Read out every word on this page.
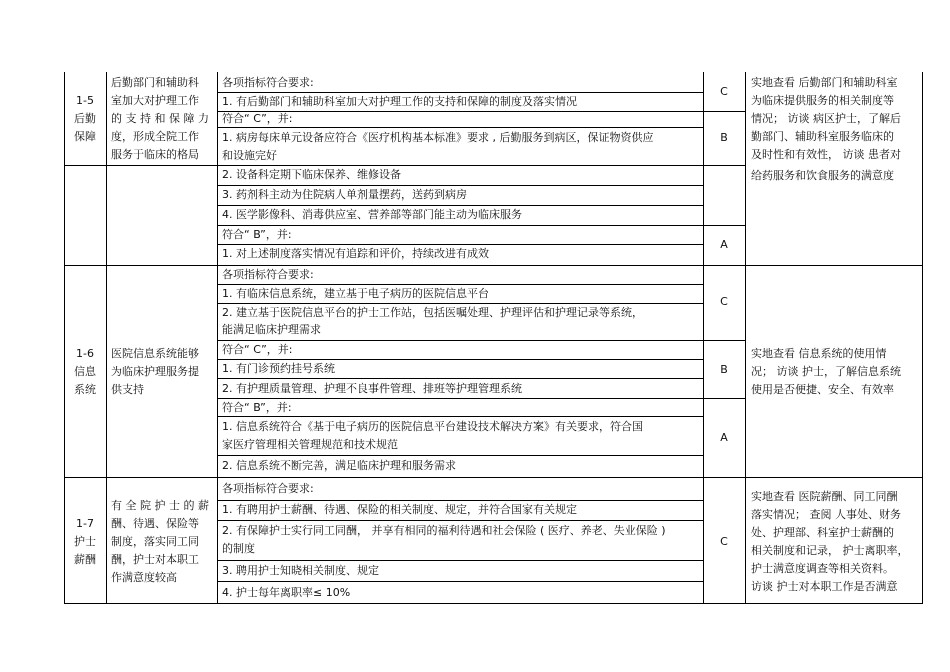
1-5
后勤
保障
后勤部门和辅助科
室加大对护理工作
的 支 持 和 保 障 力
度，形成全院工作
服务于临床的格局
各项指标符合要求:
1. 有后勤部门和辅助科室加大对护理工作的支持和保障的制度及落实情况
符合“ C”，并:
1. 病房每床单元设备应符合《医疗机构基本标准》要求 , 后勤服务到病区，保证物资供应
和设施完好
2. 设备科定期下临床保养、维修设备
3. 药剂科主动为住院病人单剂量摆药，送药到病房
4. 医学影像科、消毒供应室、营养部等部门能主动为临床服务
符合“ B”，并:
1. 对上述制度落实情况有追踪和评价，持续改进有成效
C
B
A
实地查看 后勤部门和辅助科室
为临床提供服务的相关制度等
情况； 访谈 病区护士，了解后
勤部门、辅助科室服务临床的
及时性和有效性， 访谈 患者对
给药服务和饮食服务的满意度
1-6
信息
系统
医院信息系统能够
为临床护理服务提
供支持
各项指标符合要求:
1. 有临床信息系统，建立基于电子病历的医院信息平台
2. 建立基于医院信息平台的护士工作站，包括医嘱处理、护理评估和护理记录等系统，
能满足临床护理需求
符合“ C”，并:
1. 有门诊预约挂号系统
2. 有护理质量管理、护理不良事件管理、排班等护理管理系统
符合“ B”，并:
1. 信息系统符合《基于电子病历的医院信息平台建设技术解决方案》有关要求，符合国
家医疗管理相关管理规范和技术规范
2. 信息系统不断完善，满足临床护理和服务需求
C
B
A
实地查看 信息系统的使用情
况； 访谈 护士，了解信息系统
使用是否便捷、安全、有效率
1-7
护士
薪酬
有 全 院 护 士 的 薪
酬、待遇、保险等
制度，落实同工同
酬，护士对本职工
作满意度较高
各项指标符合要求:
1. 有聘用护士薪酬、待遇、保险的相关制度、规定，并符合国家有关规定
2. 有保障护士实行同工同酬， 并享有相同的福利待遇和社会保险 ( 医疗、养老、失业保险 )
的制度
3. 聘用护士知晓相关制度、规定
4. 护士每年离职率≤ 10%
C
实地查看 医院薪酬、同工同酬
落实情况； 查阅 人事处、财务
处、护理部、科室护士薪酬的
相关制度和记录， 护士离职率，
护士满意度调查等相关资料。
访谈 护士对本职工作是否满意
